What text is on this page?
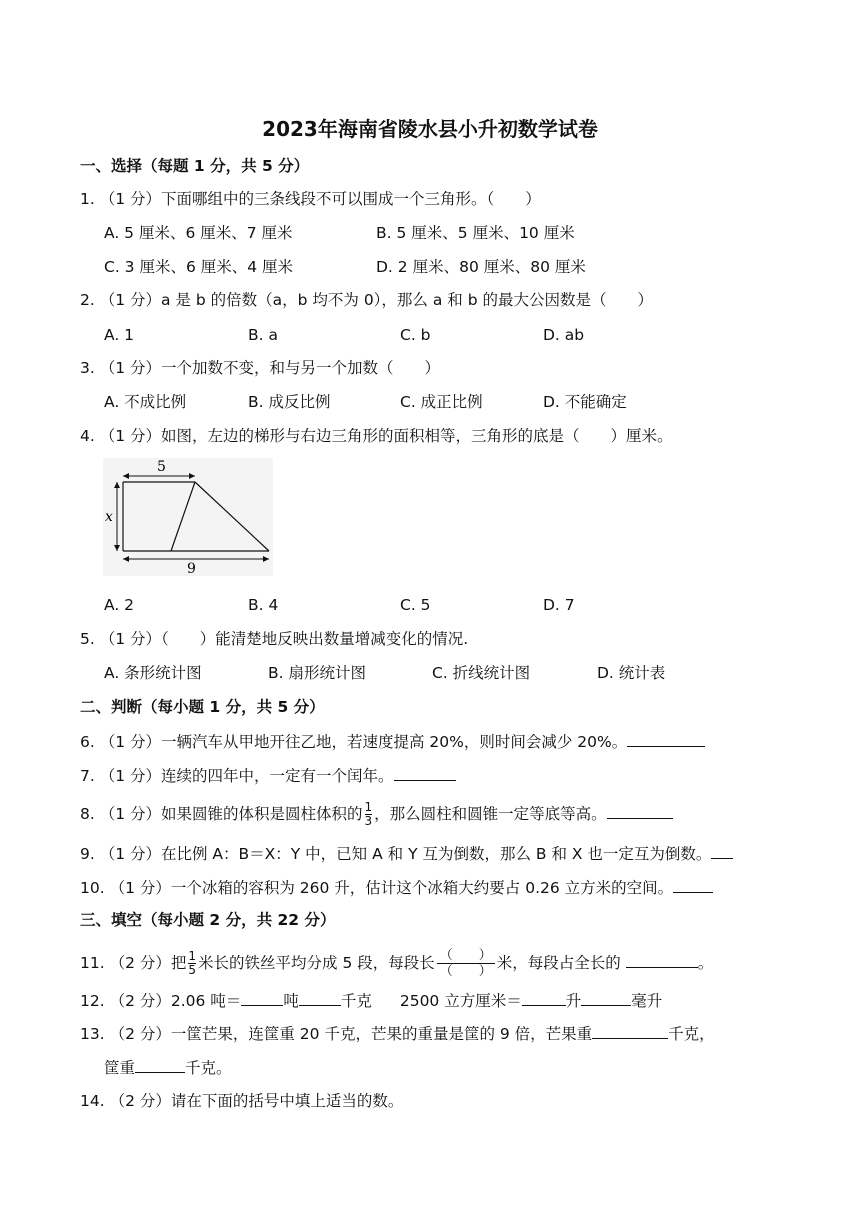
2023年海南省陵水县小升初数学试卷
一、选择（每题 1 分，共 5 分）
1. （1 分）下面哪组中的三条线段不可以围成一个三角形。（　　）
A. 5 厘米、6 厘米、7 厘米	B. 5 厘米、5 厘米、10 厘米
C. 3 厘米、6 厘米、4 厘米	D. 2 厘米、80 厘米、80 厘米
2. （1 分）a 是 b 的倍数（a，b 均不为 0），那么 a 和 b 的最大公因数是（　　）
A. 1	B. a	C. b	D. ab
3. （1 分）一个加数不变，和与另一个加数（　　）
A. 不成比例	B. 成反比例	C. 成正比例	D. 不能确定
4. （1 分）如图，左边的梯形与右边三角形的面积相等，三角形的底是（　　）厘米。
5
x
9
A. 2	B. 4	C. 5	D. 7
5. （1 分）（　　）能清楚地反映出数量增减变化的情况.
A. 条形统计图	B. 扇形统计图	C. 折线统计图	D. 统计表
二、判断（每小题 1 分，共 5 分）
6. （1 分）一辆汽车从甲地开往乙地，若速度提高 20%，则时间会减少 20%。
7. （1 分）连续的四年中，一定有一个闰年。
8. （1 分）如果圆锥的体积是圆柱体积的 $\frac{1}{3}$ ，那么圆柱和圆锥一定等底等高。
9. （1 分）在比例 A：B＝X：Y 中，已知 A 和 Y 互为倒数，那么 B 和 X 也一定互为倒数。
10. （1 分）一个冰箱的容积为 260 升，估计这个冰箱大约要占 0.26 立方米的空间。
三、填空（每小题 2 分，共 22 分）
11. （2 分）把 $\frac{1}{5}$ 米长的铁丝平均分成 5 段，每段长 $\frac{( )}{( )}$ 米，每段占全长的	。
12. （2 分）2.06 吨＝	吨	千克 2500 立方厘米＝	升	毫升
13. （2 分）一筐芒果，连筐重 20 千克，芒果的重量是筐的 9 倍，芒果重	千克，
筐重	千克。
14. （2 分）请在下面的括号中填上适当的数。
